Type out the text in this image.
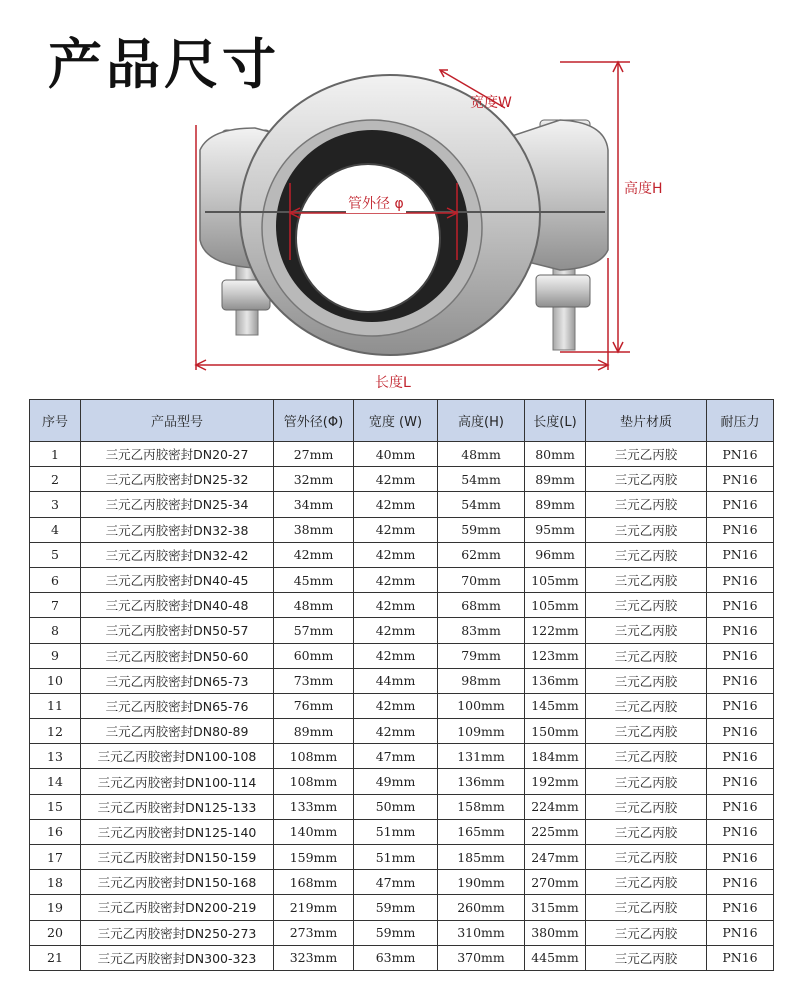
产品尺寸
宽度W
高度H
管外径 φ
长度L
序号	产品型号	管外径(Φ)	宽度 (W)	高度(H)	长度(L)	垫片材质	耐压力
1	三元乙丙胶密封DN20-27	27mm	40mm	48mm	80mm	三元乙丙胶	PN16
2	三元乙丙胶密封DN25-32	32mm	42mm	54mm	89mm	三元乙丙胶	PN16
3	三元乙丙胶密封DN25-34	34mm	42mm	54mm	89mm	三元乙丙胶	PN16
4	三元乙丙胶密封DN32-38	38mm	42mm	59mm	95mm	三元乙丙胶	PN16
5	三元乙丙胶密封DN32-42	42mm	42mm	62mm	96mm	三元乙丙胶	PN16
6	三元乙丙胶密封DN40-45	45mm	42mm	70mm	105mm	三元乙丙胶	PN16
7	三元乙丙胶密封DN40-48	48mm	42mm	68mm	105mm	三元乙丙胶	PN16
8	三元乙丙胶密封DN50-57	57mm	42mm	83mm	122mm	三元乙丙胶	PN16
9	三元乙丙胶密封DN50-60	60mm	42mm	79mm	123mm	三元乙丙胶	PN16
10	三元乙丙胶密封DN65-73	73mm	44mm	98mm	136mm	三元乙丙胶	PN16
11	三元乙丙胶密封DN65-76	76mm	42mm	100mm	145mm	三元乙丙胶	PN16
12	三元乙丙胶密封DN80-89	89mm	42mm	109mm	150mm	三元乙丙胶	PN16
13	三元乙丙胶密封DN100-108	108mm	47mm	131mm	184mm	三元乙丙胶	PN16
14	三元乙丙胶密封DN100-114	108mm	49mm	136mm	192mm	三元乙丙胶	PN16
15	三元乙丙胶密封DN125-133	133mm	50mm	158mm	224mm	三元乙丙胶	PN16
16	三元乙丙胶密封DN125-140	140mm	51mm	165mm	225mm	三元乙丙胶	PN16
17	三元乙丙胶密封DN150-159	159mm	51mm	185mm	247mm	三元乙丙胶	PN16
18	三元乙丙胶密封DN150-168	168mm	47mm	190mm	270mm	三元乙丙胶	PN16
19	三元乙丙胶密封DN200-219	219mm	59mm	260mm	315mm	三元乙丙胶	PN16
20	三元乙丙胶密封DN250-273	273mm	59mm	310mm	380mm	三元乙丙胶	PN16
21	三元乙丙胶密封DN300-323	323mm	63mm	370mm	445mm	三元乙丙胶	PN16
